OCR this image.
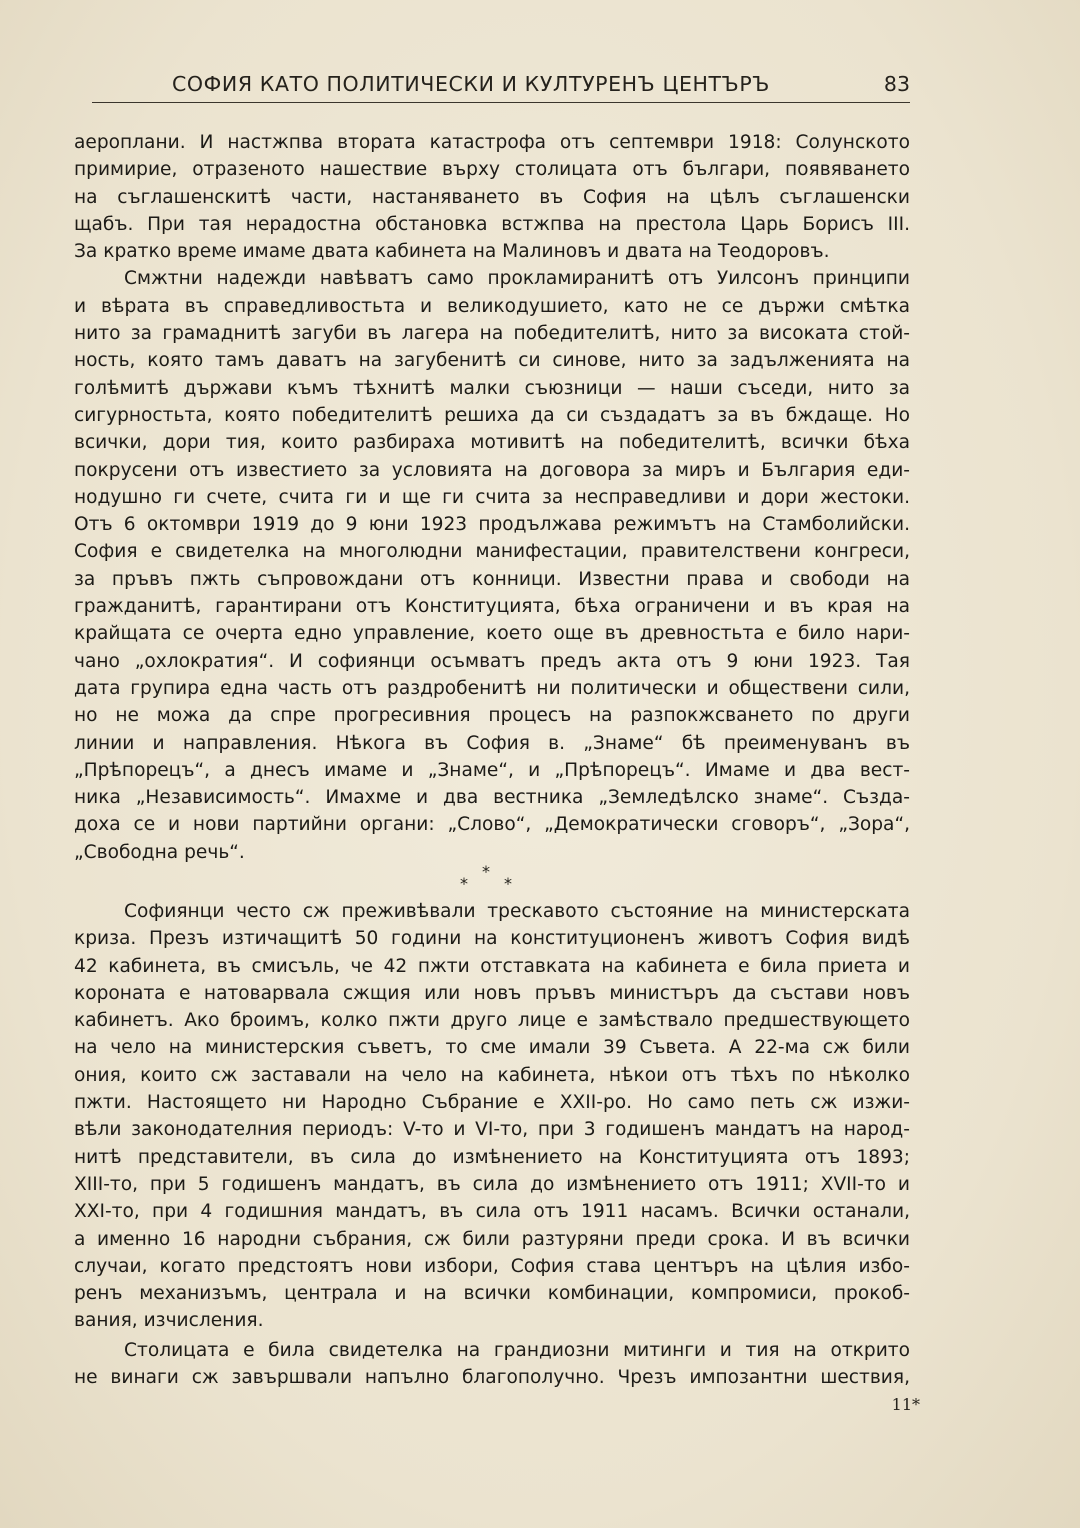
СОФИЯ КАТО ПОЛИТИЧЕСКИ И КУЛТУРЕНЪ ЦЕНТЪРЪ	83
аероплани. И настжпва втората катастрофа отъ септември 1918: Солунското
примирие, отразеното нашествие върху столицата отъ българи, появяването
на съглашенскитѣ части, настаняването въ София на цѣлъ съглашенски
щабъ. При тая нерадостна обстановка встжпва на престола Царь Борисъ III.
За кратко време имаме двата кабинета на Малиновъ и двата на Теодоровъ.
Смжтни надежди навѣватъ само прокламиранитѣ отъ Уилсонъ принципи
и вѣрата въ справедливостьта и великодушието, като не се държи смѣтка
нито за грамаднитѣ загуби въ лагера на победителитѣ, нито за високата стой-
ность, която тамъ даватъ на загубенитѣ си синове, нито за задълженията на
голѣмитѣ държави къмъ тѣхнитѣ малки съюзници — наши съседи, нито за
сигурностьта, която победителитѣ решиха да си създадатъ за въ бждаще. Но
всички, дори тия, които разбираха мотивитѣ на победителитѣ, всички бѣха
покрусени отъ известието за условията на договора за миръ и България еди-
нодушно ги счете, счита ги и ще ги счита за несправедливи и дори жестоки.
Отъ 6 октомври 1919 до 9 юни 1923 продължава режимътъ на Стамболийски.
София е свидетелка на многолюдни манифестации, правителствени конгреси,
за пръвъ пжть съпровождани отъ конници. Известни права и свободи на
гражданитѣ, гарантирани отъ Конституцията, бѣха ограничени и въ края на
крайщата се очерта едно управление, което още въ древностьта е било нари-
чано „охлократия“. И софиянци осъмватъ предъ акта отъ 9 юни 1923. Тая
дата групира една часть отъ раздробенитѣ ни политически и обществени сили,
но не можа да спре прогресивния процесъ на разпокжсването по други
линии и направления. Нѣкога въ София в. „Знаме“ бѣ преименуванъ въ
„Прѣпорецъ“, а днесъ имаме и „Знаме“, и „Прѣпорецъ“. Имаме и два вест-
ника „Независимость“. Имахме и два вестника „Земледѣлско знаме“. Създа-
доха се и нови партийни органи: „Слово“, „Демократически сговоръ“, „Зора“,
„Свободна речь“.
*
*
*
Софиянци често сж преживѣвали трескавото състояние на министерската
криза. Презъ изтичащитѣ 50 години на конституционенъ животъ София видѣ
42 кабинета, въ смисъль, че 42 пжти отставката на кабинета е била приета и
короната е натоварвала сжщия или новъ пръвъ министъръ да състави новъ
кабинетъ. Ако броимъ, колко пжти друго лице е замѣствало предшествующето
на чело на министерския съветъ, то сме имали 39 Съвета. А 22-ма сж били
ония, които сж заставали на чело на кабинета, нѣкои отъ тѣхъ по нѣколко
пжти. Настоящето ни Народно Събрание е XXII-ро. Но само петь сж изжи-
вѣли законодателния периодъ: V-то и VI-то, при 3 годишенъ мандатъ на народ-
нитѣ представители, въ сила до измѣнението на Конституцията отъ 1893;
XIII-то, при 5 годишенъ мандатъ, въ сила до измѣнението отъ 1911; XVII-то и
XXI-то, при 4 годишния мандатъ, въ сила отъ 1911 насамъ. Всички останали,
а именно 16 народни събрания, сж били разтуряни преди срока. И въ всички
случаи, когато предстоятъ нови избори, София става центъръ на цѣлия избо-
ренъ механизъмъ, централа и на всички комбинации, компромиси, прокоб-
вания, изчисления.
Столицата е била свидетелка на грандиозни митинги и тия на открито
не винаги сж завършвали напълно благополучно. Чрезъ импозантни шествия,
11*
